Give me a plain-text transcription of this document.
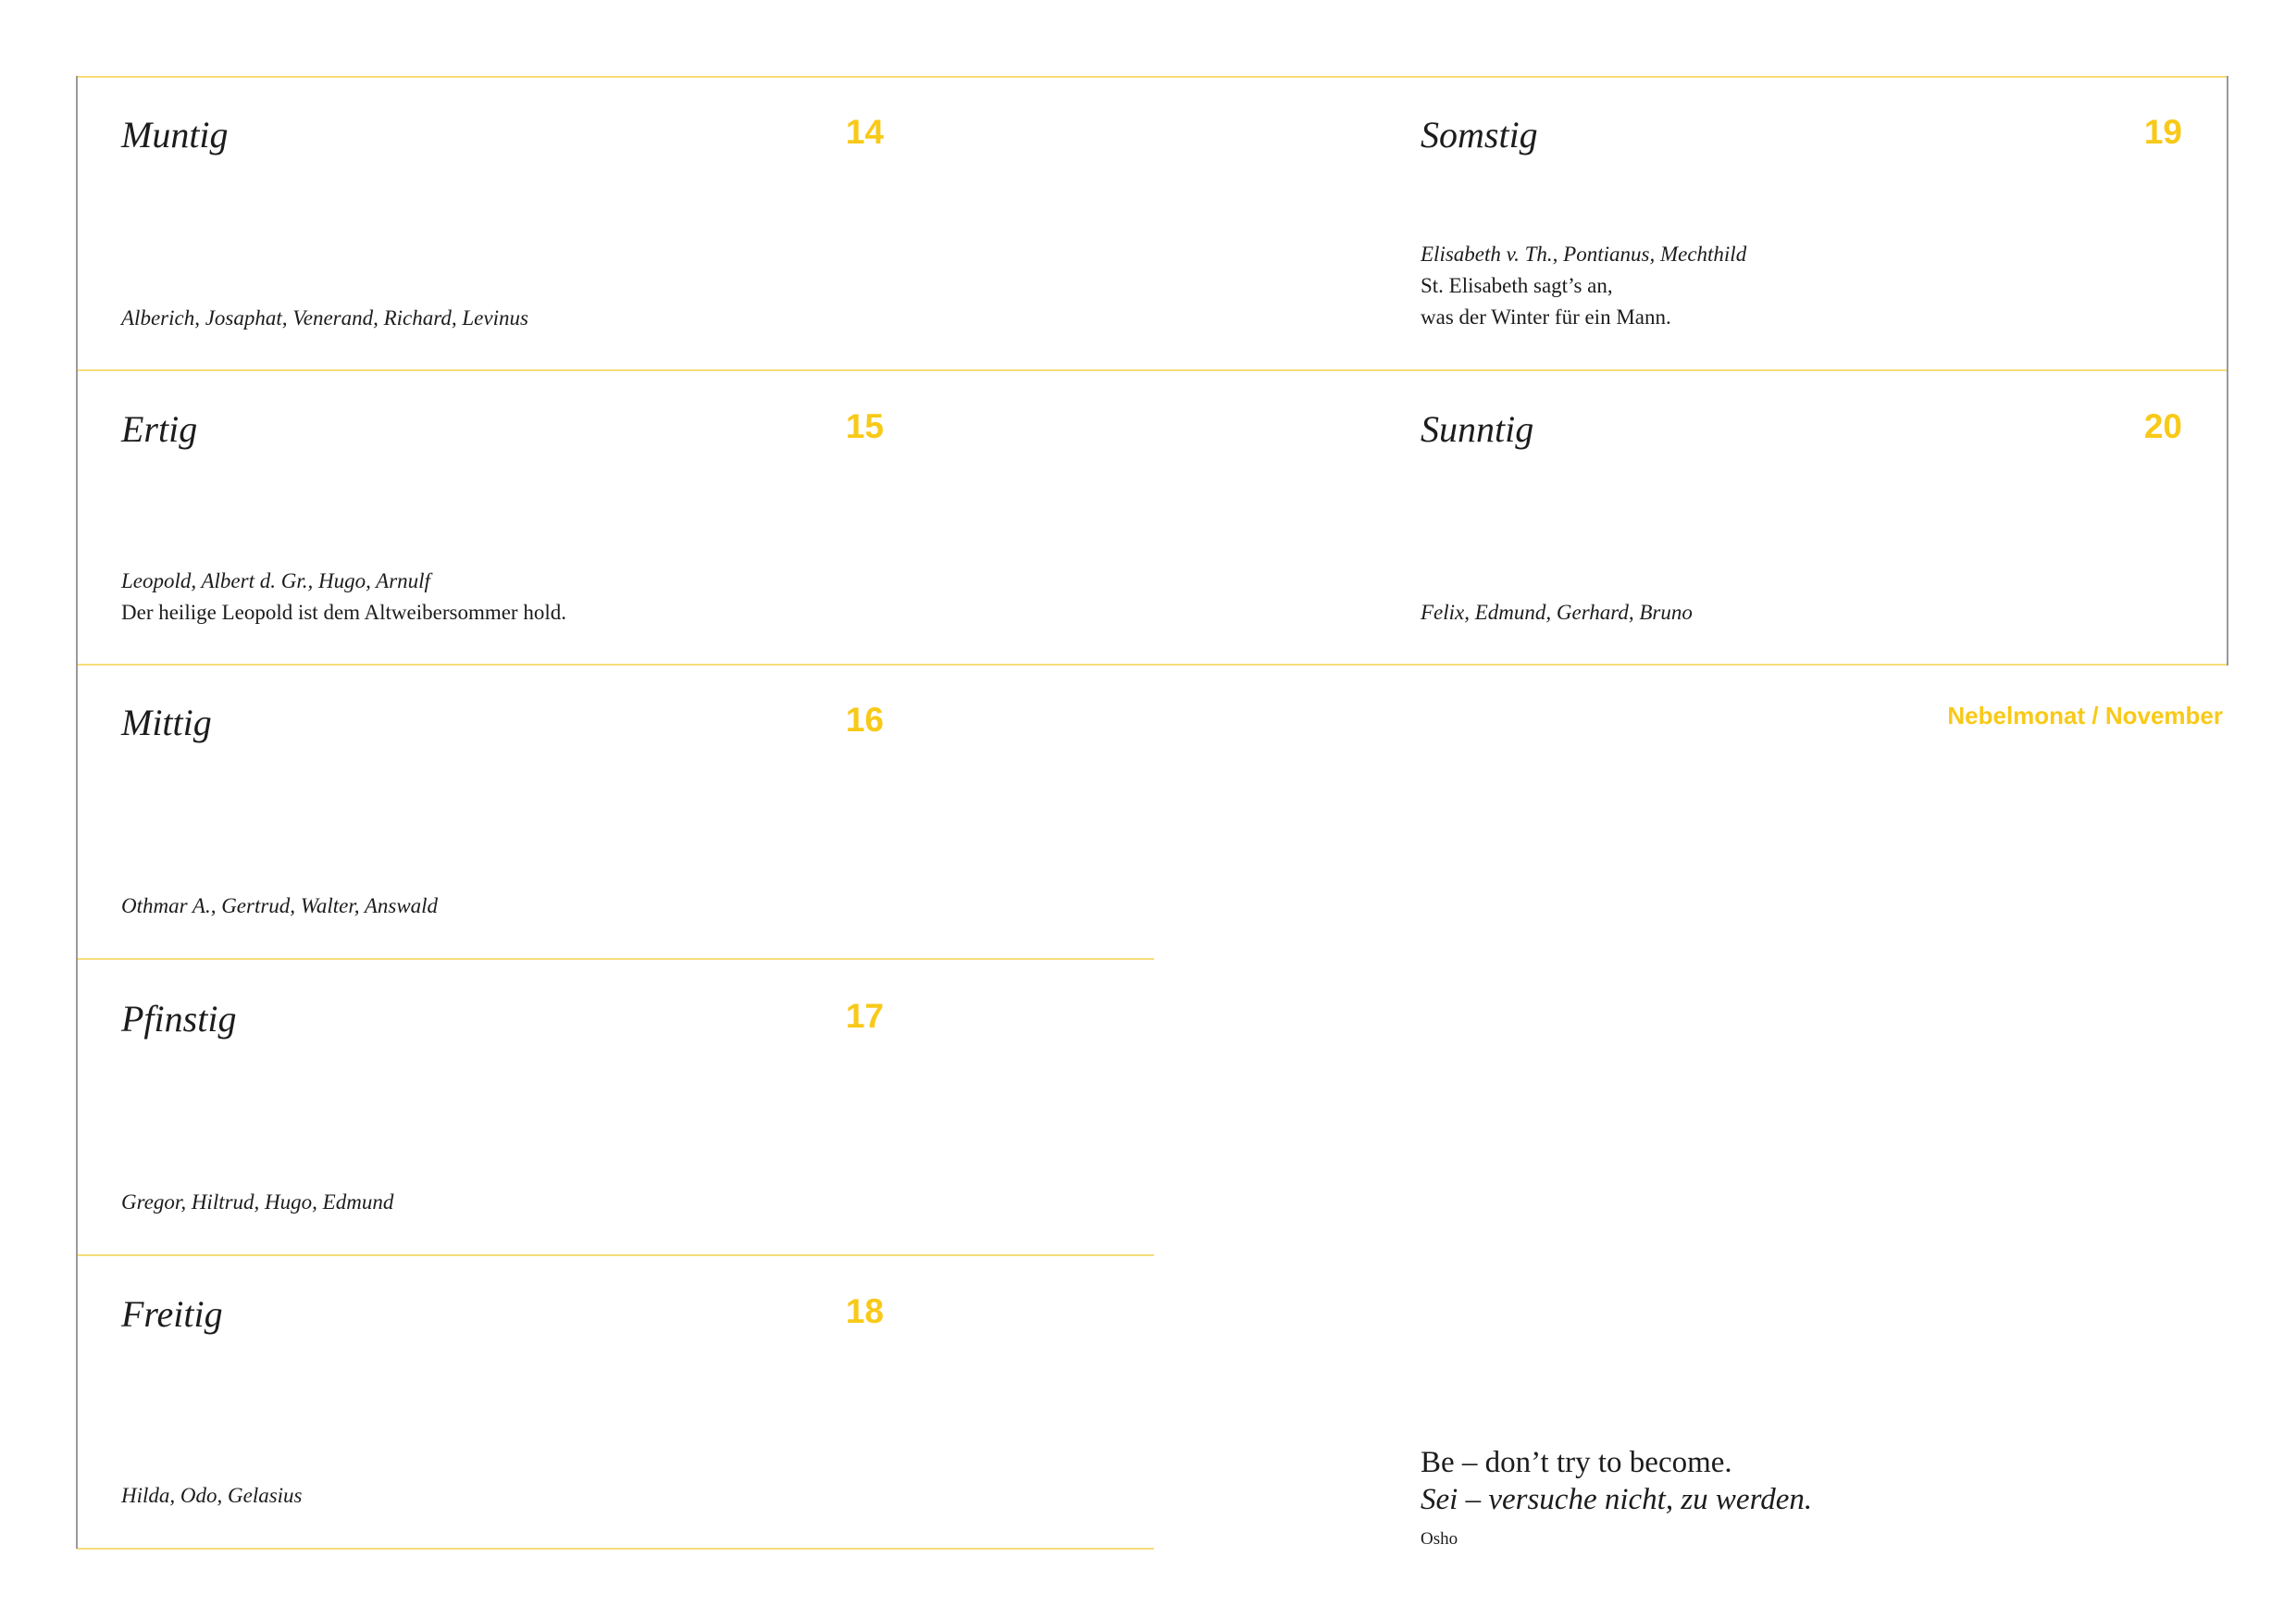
Muntig	14
Alberich, Josaphat, Venerand, Richard, Levinus
Ertig	15
Leopold, Albert d. Gr., Hugo, Arnulf
Der heilige Leopold ist dem Altweibersommer hold.
Mittig	16
Othmar A., Gertrud, Walter, Answald
Pfinstig	17
Gregor, Hiltrud, Hugo, Edmund
Freitig	18
Hilda, Odo, Gelasius
Somstig	19
Elisabeth v. Th., Pontianus, Mechthild
St. Elisabeth sagt’s an,
was der Winter für ein Mann.
Sunntig	20
Felix, Edmund, Gerhard, Bruno
Nebelmonat / November
Be – don’t try to become.
Sei – versuche nicht, zu werden.
Osho
